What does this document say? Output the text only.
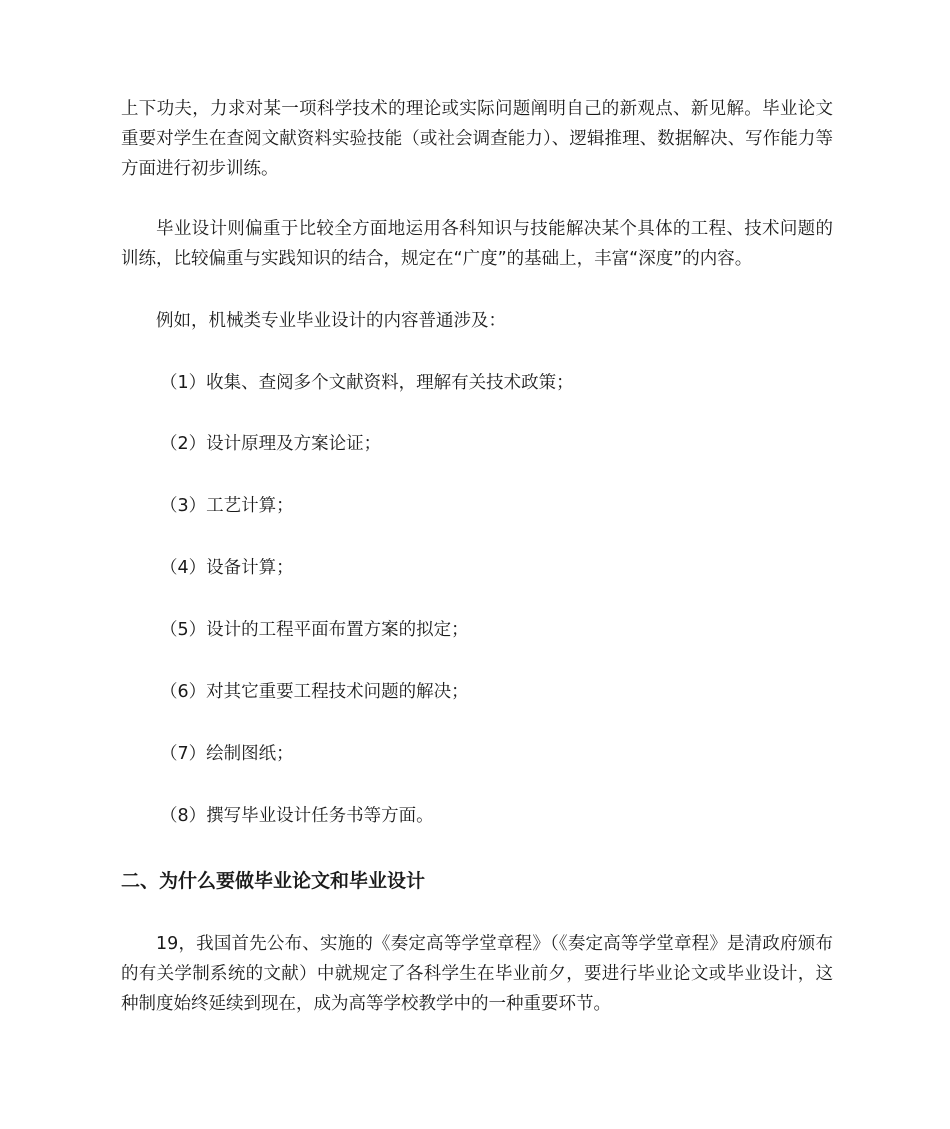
上下功夫，力求对某一项科学技术的理论或实际问题阐明自己的新观点、新见解。毕业论文重要对学生在查阅文献资料实验技能（或社会调查能力）、逻辑推理、数据解决、写作能力等方面进行初步训练。

毕业设计则偏重于比较全方面地运用各科知识与技能解决某个具体的工程、技术问题的训练，比较偏重与实践知识的结合，规定在“广度”的基础上，丰富“深度”的内容。

例如，机械类专业毕业设计的内容普通涉及：

（1）收集、查阅多个文献资料，理解有关技术政策；

（2）设计原理及方案论证；

（3）工艺计算；

（4）设备计算；

（5）设计的工程平面布置方案的拟定；

（6）对其它重要工程技术问题的解决；

（7）绘制图纸；

（8）撰写毕业设计任务书等方面。

二、为什么要做毕业论文和毕业设计

19，我国首先公布、实施的《奏定高等学堂章程》（《奏定高等学堂章程》是清政府颁布的有关学制系统的文献）中就规定了各科学生在毕业前夕，要进行毕业论文或毕业设计，这种制度始终延续到现在，成为高等学校教学中的一种重要环节。
